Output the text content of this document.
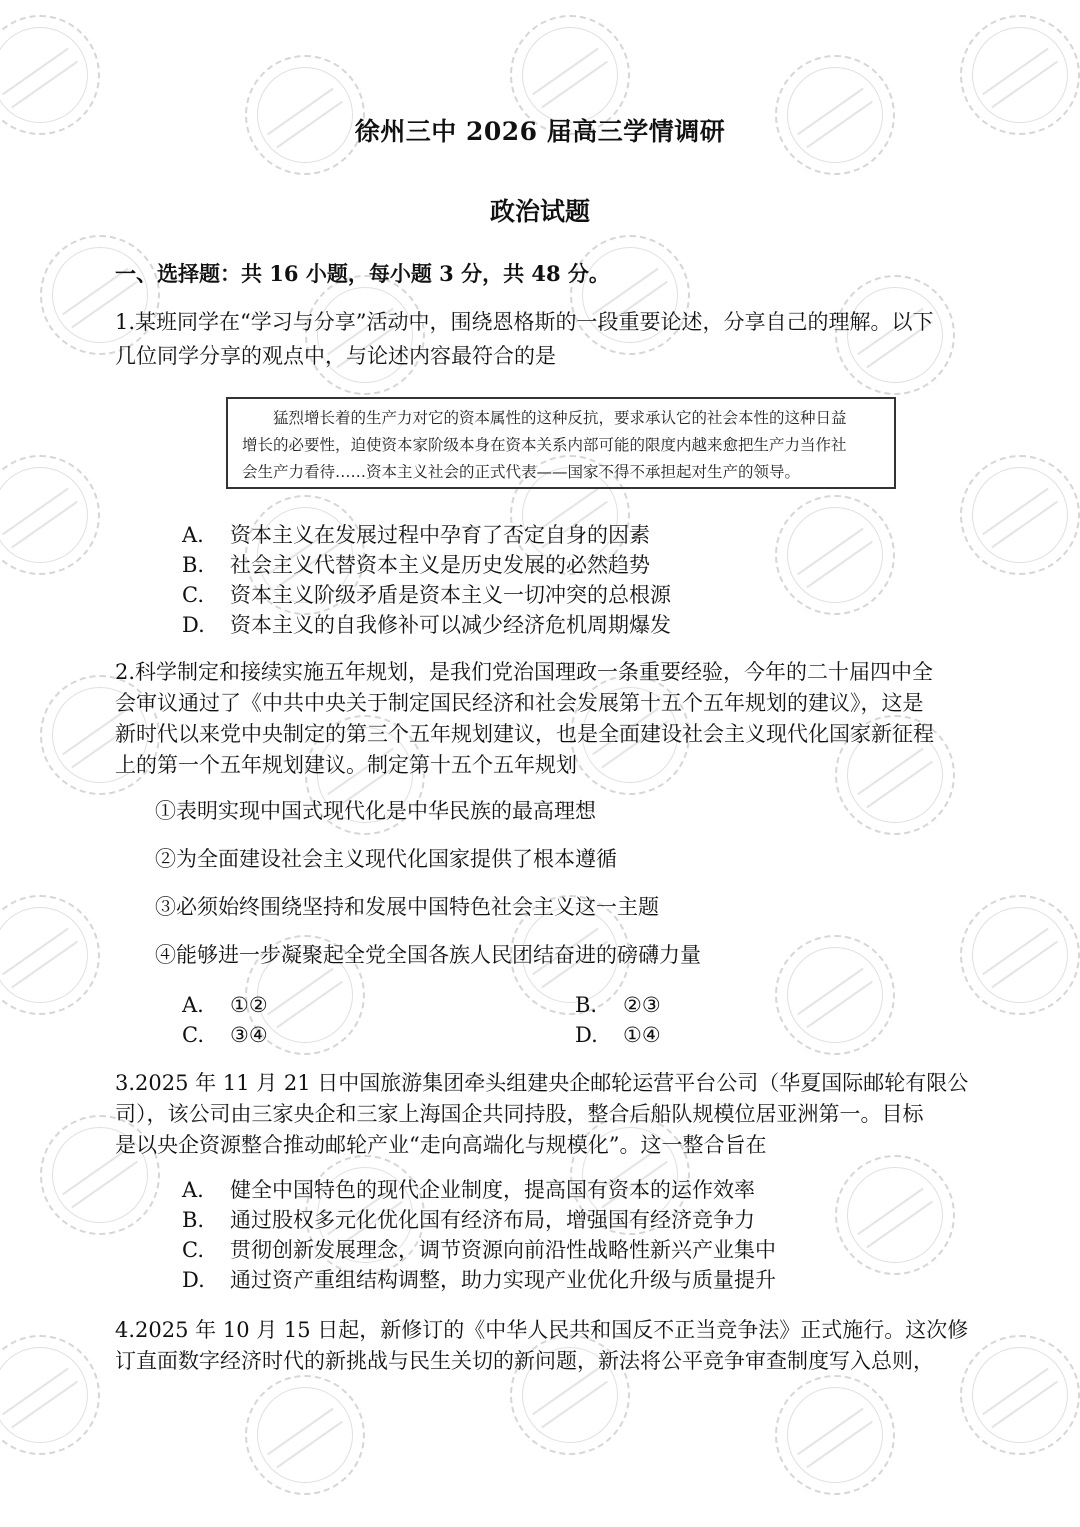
徐州三中 2026 届高三学情调研
政治试题
一、选择题：共 16 小题，每小题 3 分，共 48 分。
1.某班同学在“学习与分享”活动中，围绕恩格斯的一段重要论述，分享自己的理解。以下
几位同学分享的观点中，与论述内容最符合的是
猛烈增长着的生产力对它的资本属性的这种反抗，要求承认它的社会本性的这种日益
增长的必要性，迫使资本家阶级本身在资本关系内部可能的限度内越来愈把生产力当作社
会生产力看待……资本主义社会的正式代表——国家不得不承担起对生产的领导。
A. 资本主义在发展过程中孕育了否定自身的因素
B. 社会主义代替资本主义是历史发展的必然趋势
C. 资本主义阶级矛盾是资本主义一切冲突的总根源
D. 资本主义的自我修补可以减少经济危机周期爆发
2.科学制定和接续实施五年规划，是我们党治国理政一条重要经验，今年的二十届四中全
会审议通过了《中共中央关于制定国民经济和社会发展第十五个五年规划的建议》，这是
新时代以来党中央制定的第三个五年规划建议，也是全面建设社会主义现代化国家新征程
上的第一个五年规划建议。制定第十五个五年规划
①表明实现中国式现代化是中华民族的最高理想
②为全面建设社会主义现代化国家提供了根本遵循
③必须始终围绕坚持和发展中国特色社会主义这一主题
④能够进一步凝聚起全党全国各族人民团结奋进的磅礴力量
A. ①②	B. ②③
C. ③④	D. ①④
3.2025 年 11 月 21 日中国旅游集团牵头组建央企邮轮运营平台公司（华夏国际邮轮有限公
司），该公司由三家央企和三家上海国企共同持股，整合后船队规模位居亚洲第一。目标
是以央企资源整合推动邮轮产业“走向高端化与规模化”。这一整合旨在
A. 健全中国特色的现代企业制度，提高国有资本的运作效率
B. 通过股权多元化优化国有经济布局，增强国有经济竞争力
C. 贯彻创新发展理念，调节资源向前沿性战略性新兴产业集中
D. 通过资产重组结构调整，助力实现产业优化升级与质量提升
4.2025 年 10 月 15 日起，新修订的《中华人民共和国反不正当竞争法》正式施行。这次修
订直面数字经济时代的新挑战与民生关切的新问题，新法将公平竞争审查制度写入总则，
